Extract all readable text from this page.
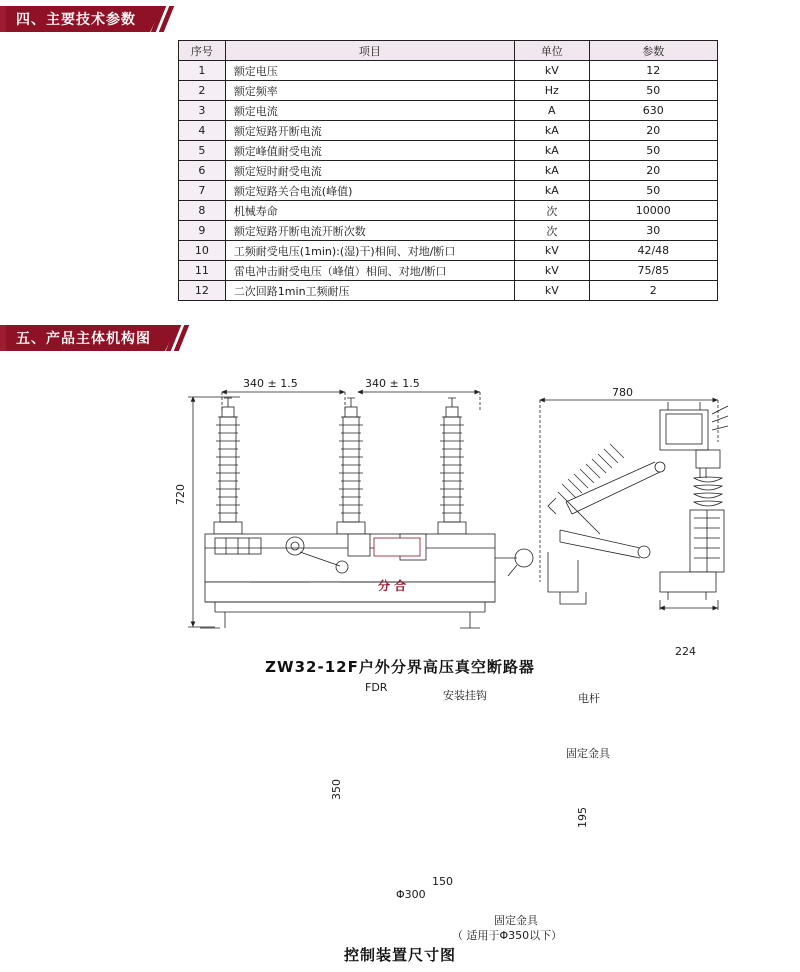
四、主要技术参数
序号	项目	单位	参数
1	额定电压	kV	12
2	额定频率	Hz	50
3	额定电流	A	630
4	额定短路开断电流	kA	20
5	额定峰值耐受电流	kA	50
6	额定短时耐受电流	kA	20
7	额定短路关合电流(峰值)	kA	50
8	机械寿命	次	10000
9	额定短路开断电流开断次数	次	30
10	工频耐受电压(1min):(湿)干)相间、对地/断口	kV	42/48
11	雷电冲击耐受电压（峰值）相间、对地/断口	kV	75/85
12	二次回路1min工频耐压	kV	2
五、产品主体机构图
340 ± 1.5	340 ± 1.5
720
780
224
分 合
ZW32-12F户外分界高压真空断路器
FDR
安装挂钩	电杆
固定金具
固定金具
（ 适用于Φ350以下）
350
195
150
Φ300
控制装置尺寸图
